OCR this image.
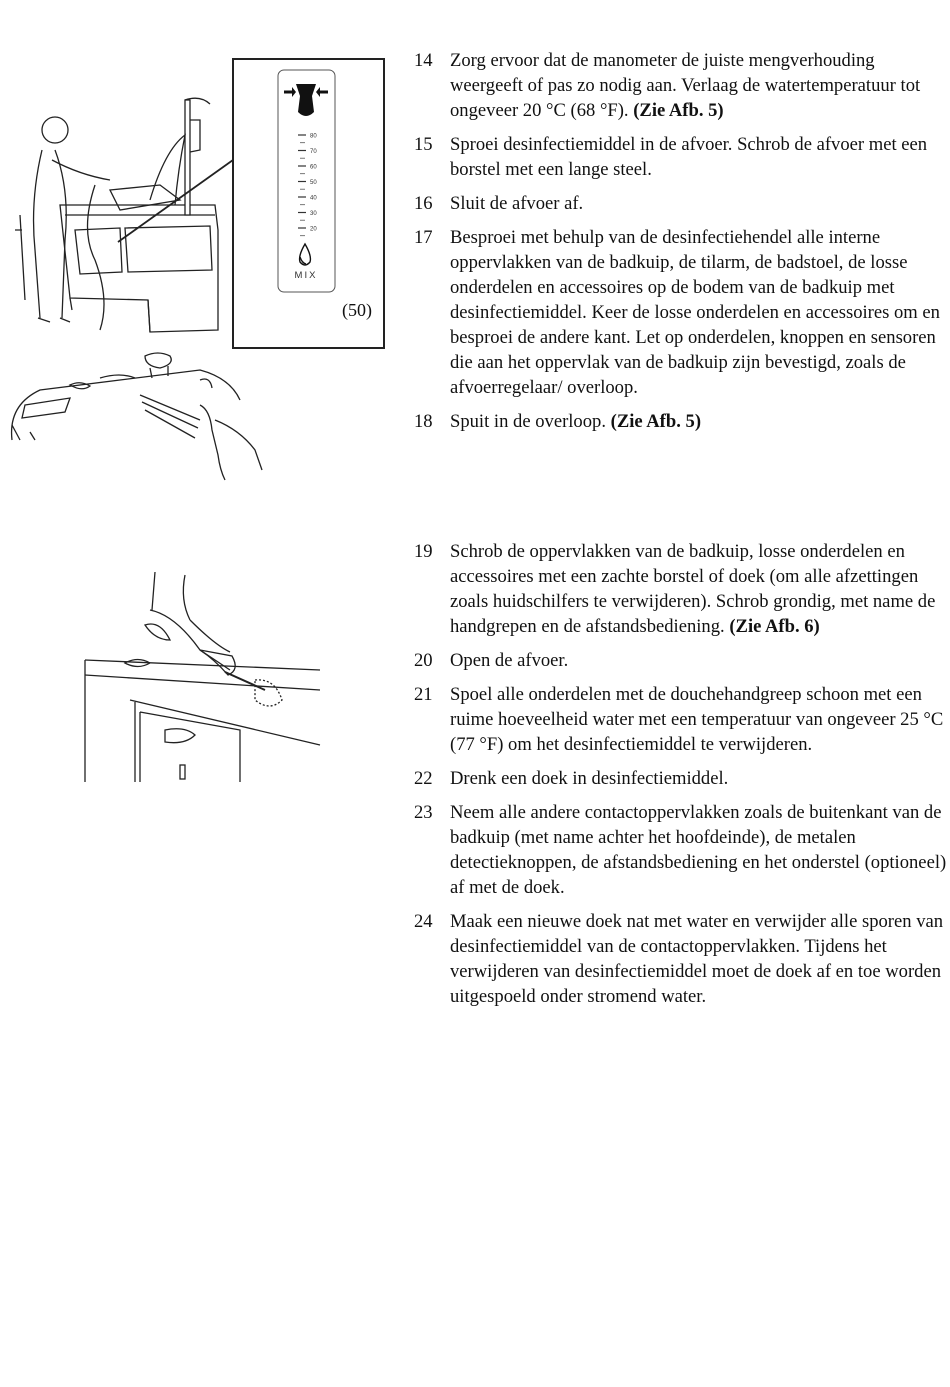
80
70
60
50
40
30
20
MIX
(50)
14 Zorg ervoor dat de manometer de juiste mengverhouding weergeeft of pas zo nodig aan. Verlaag de watertemperatuur tot ongeveer 20 °C (68 °F). (Zie Afb. 5)
15 Sproei desinfectiemiddel in de afvoer. Schrob de afvoer met een borstel met een lange steel.
16 Sluit de afvoer af.
17 Besproei met behulp van de desinfectiehendel alle interne oppervlakken van de badkuip, de tilarm, de badstoel, de losse onderdelen en accessoires op de bodem van de badkuip met desinfectiemiddel. Keer de losse onderdelen en accessoires om en besproei de andere kant. Let op onderdelen, knoppen en sensoren die aan het oppervlak van de badkuip zijn bevestigd, zoals de afvoerregelaar/ overloop.
18 Spuit in de overloop. (Zie Afb. 5)
19 Schrob de oppervlakken van de badkuip, losse onderdelen en accessoires met een zachte borstel of doek (om alle afzettingen zoals huidschilfers te verwijderen). Schrob grondig, met name de handgrepen en de afstandsbediening. (Zie Afb. 6)
20 Open de afvoer.
21 Spoel alle onderdelen met de douchehandgreep schoon met een ruime hoeveelheid water met een temperatuur van ongeveer 25 °C (77 °F) om het desinfectiemiddel te verwijderen.
22 Drenk een doek in desinfectiemiddel.
23 Neem alle andere contactoppervlakken zoals de buitenkant van de badkuip (met name achter het hoofdeinde), de metalen detectieknoppen, de afstandsbediening en het onderstel (optioneel) af met de doek.
24 Maak een nieuwe doek nat met water en verwijder alle sporen van desinfectiemiddel van de contactoppervlakken. Tijdens het verwijderen van desinfectiemiddel moet de doek af en toe worden uitgespoeld onder stromend water.
